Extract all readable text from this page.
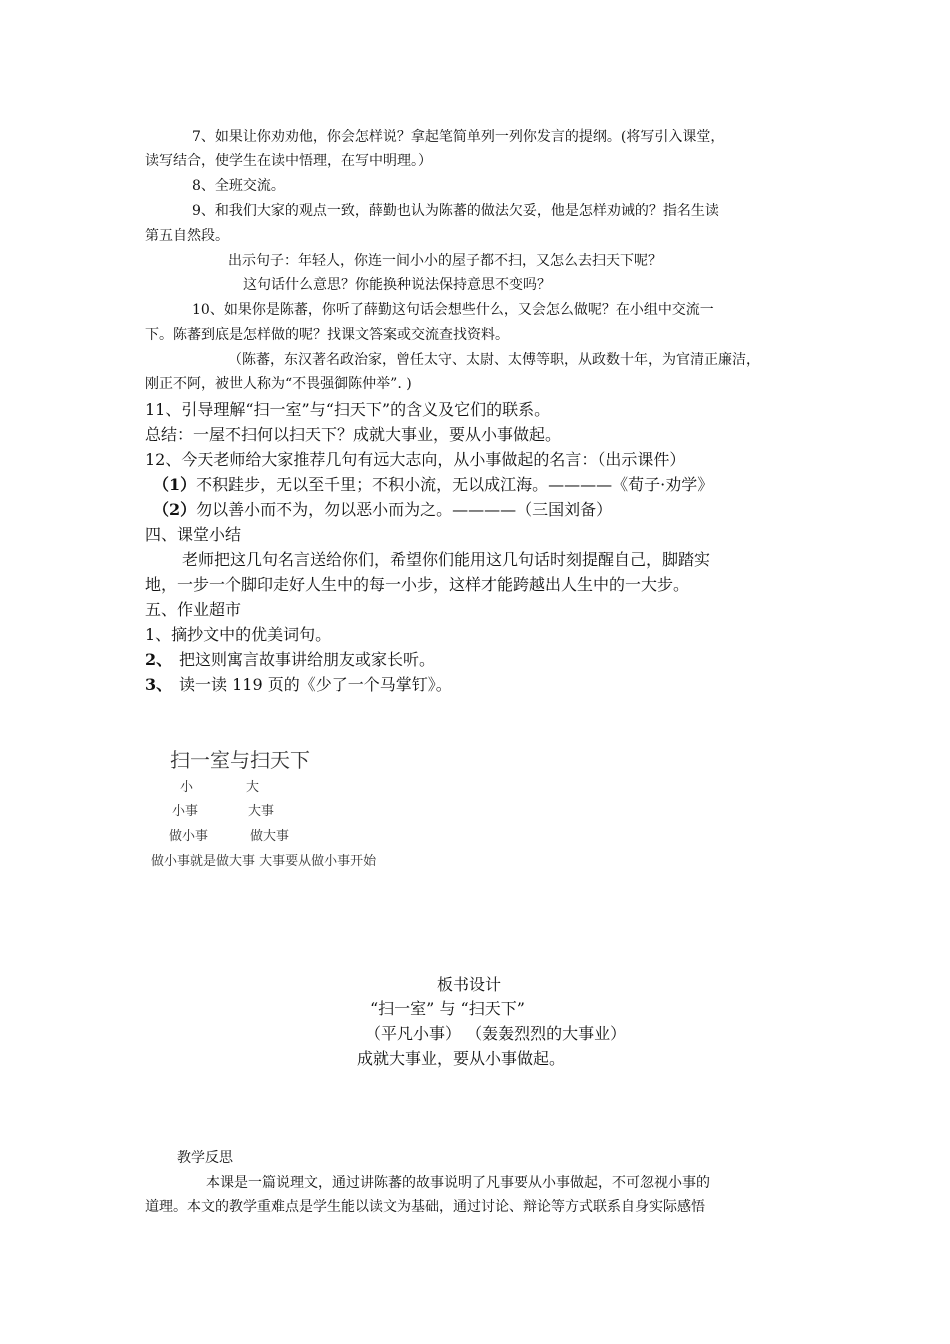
7、如果让你劝劝他，你会怎样说？拿起笔简单列一列你发言的提纲。(将写引入课堂，
读写结合，使学生在读中悟理，在写中明理。）
8、全班交流。
9、和我们大家的观点一致，薛勤也认为陈蕃的做法欠妥，他是怎样劝诫的？指名生读
第五自然段。
出示句子：年轻人，你连一间小小的屋子都不扫，又怎么去扫天下呢？
这句话什么意思？你能换种说法保持意思不变吗？
10、如果你是陈蕃，你听了薛勤这句话会想些什么，又会怎么做呢？在小组中交流一
下。陈蕃到底是怎样做的呢？找课文答案或交流查找资料。
（陈蕃，东汉著名政治家，曾任太守、太尉、太傅等职，从政数十年，为官清正廉洁，
刚正不阿，被世人称为“不畏强御陈仲举”. )
11、引导理解“扫一室”与“扫天下”的含义及它们的联系。
总结：一屋不扫何以扫天下？成就大事业，要从小事做起。
12、今天老师给大家推荐几句有远大志向，从小事做起的名言：（出示课件）
（1）不积跬步，无以至千里；不积小流，无以成江海。————《荀子·劝学》
（2）勿以善小而不为，勿以恶小而为之。————（三国刘备）
四、课堂小结
老师把这几句名言送给你们，希望你们能用这几句话时刻提醒自己，脚踏实
地，一步一个脚印走好人生中的每一小步，这样才能跨越出人生中的一大步。
五、作业超市
1、摘抄文中的优美词句。
2、 把这则寓言故事讲给朋友或家长听。
3、 读一读 119 页的《少了一个马掌钉》。
扫一室与扫天下
小	大
小事	大事
做小事	做大事
做小事就是做大事 大事要从做小事开始
板书设计
“扫一室” 与 “扫天下”
（平凡小事） （轰轰烈烈的大事业）
成就大事业，要从小事做起。
教学反思
本课是一篇说理文，通过讲陈蕃的故事说明了凡事要从小事做起，不可忽视小事的
道理。本文的教学重难点是学生能以读文为基础，通过讨论、辩论等方式联系自身实际感悟
